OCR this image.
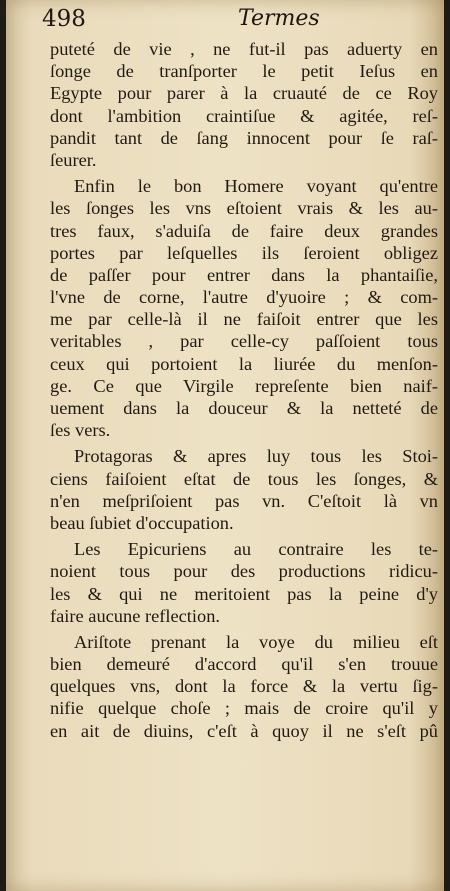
498	Termes
puteté de vie , ne fut-il pas aduerty en
ſonge de tranſporter le petit Ieſus en
Egypte pour parer à la cruauté de ce Roy
dont l'ambition craintiſue & agitée, reſ-
pandit tant de ſang innocent pour ſe raſ-
ſeurer.
Enfin le bon Homere voyant qu'entre
les ſonges les vns eſtoient vrais & les au-
tres faux, s'aduiſa de faire deux grandes
portes par leſquelles ils ſeroient obligez
de paſſer pour entrer dans la phantaiſie,
l'vne de corne, l'autre d'yuoire ; & com-
me par celle-là il ne faiſoit entrer que les
veritables , par celle-cy paſſoient tous
ceux qui portoient la liurée du menſon-
ge. Ce que Virgile repreſente bien naif-
uement dans la douceur & la netteté de
ſes vers.
Protagoras & apres luy tous les Stoi-
ciens faiſoient eſtat de tous les ſonges, &
n'en meſpriſoient pas vn. C'eſtoit là vn
beau ſubiet d'occupation.
Les Epicuriens au contraire les te-
noient tous pour des productions ridicu-
les & qui ne meritoient pas la peine d'y
faire aucune reflection.
Ariſtote prenant la voye du milieu eſt
bien demeuré d'accord qu'il s'en trouue
quelques vns, dont la force & la vertu ſig-
nifie quelque choſe ; mais de croire qu'il y
en ait de diuins, c'eſt à quoy il ne s'eſt pû
